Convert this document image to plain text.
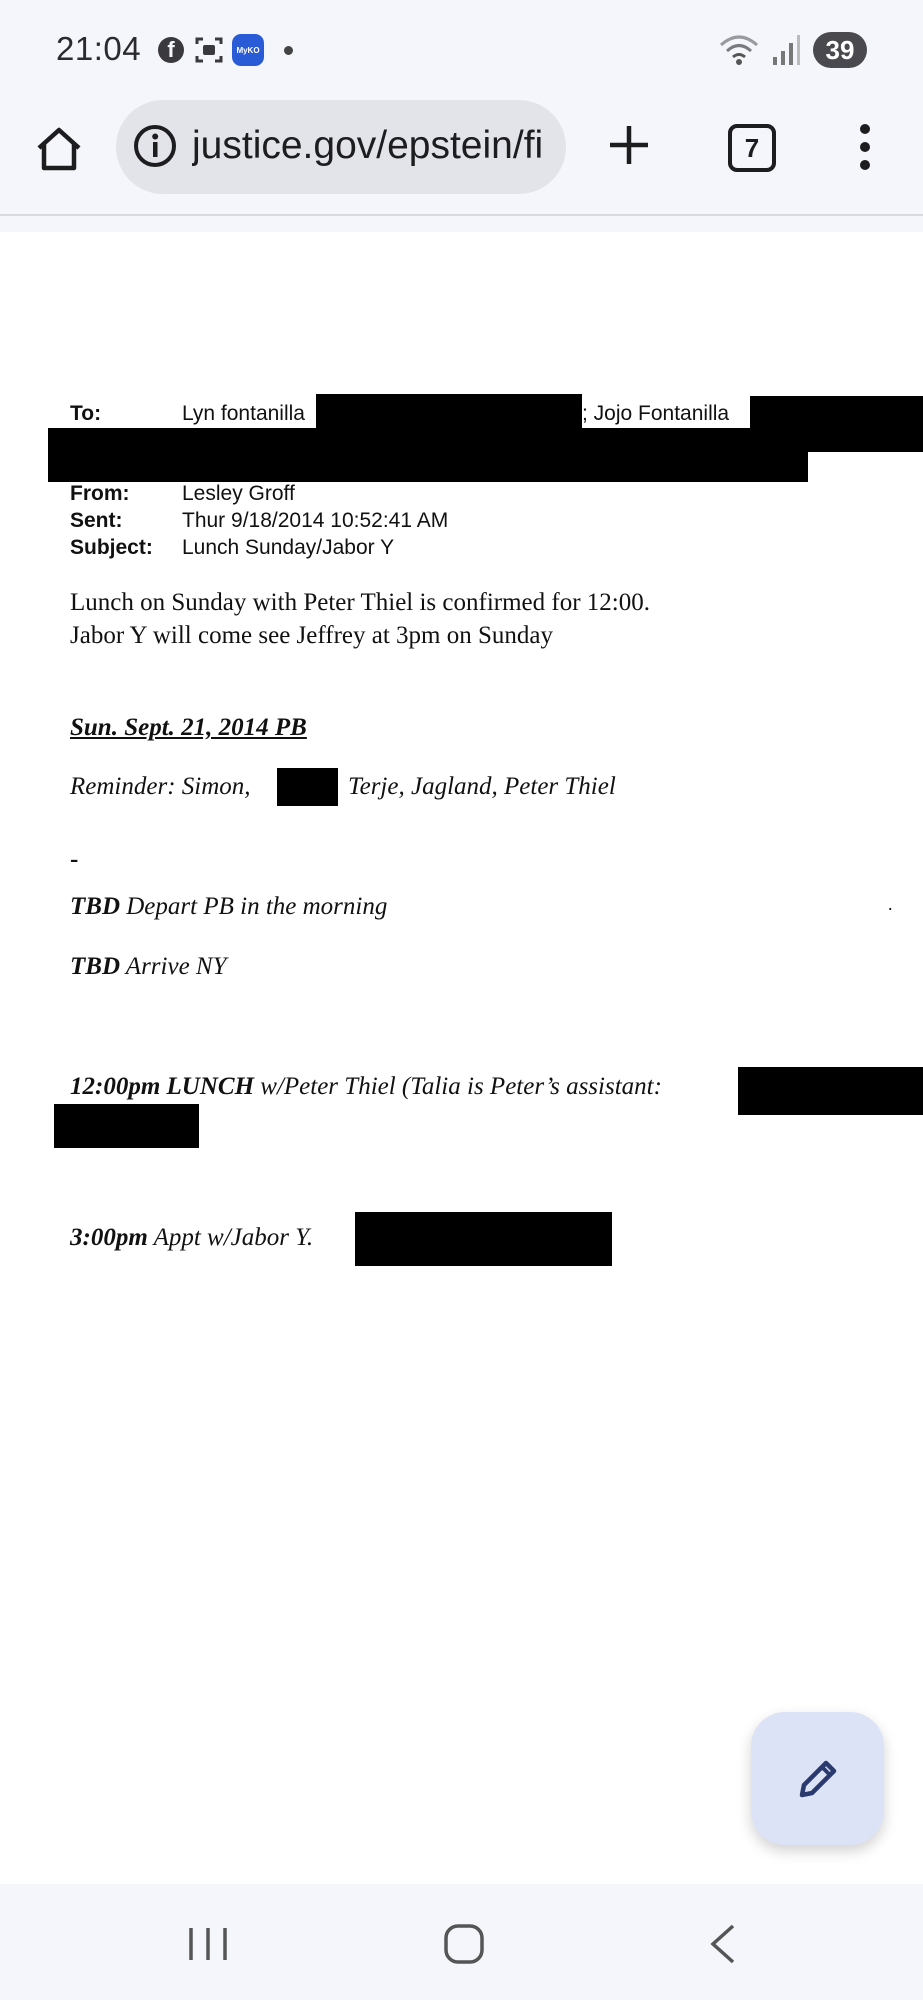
21:04	f	MyKO	39
justice.gov/epstein/fi	7
To:	Lyn fontanilla	; Jojo Fontanilla
From:	Lesley Groff
Sent:	Thur 9/18/2014 10:52:41 AM
Subject: Lunch Sunday/Jabor Y
Lunch on Sunday with Peter Thiel is confirmed for 12:00.
Jabor Y will come see Jeffrey at 3pm on Sunday
Sun. Sept. 21, 2014 PB
Reminder: Simon,	Terje, Jagland, Peter Thiel
-
TBD Depart PB in the morning	.
TBD Arrive NY
12:00pm LUNCH w/Peter Thiel (Talia is Peter’s assistant:
3:00pm Appt w/Jabor Y.
